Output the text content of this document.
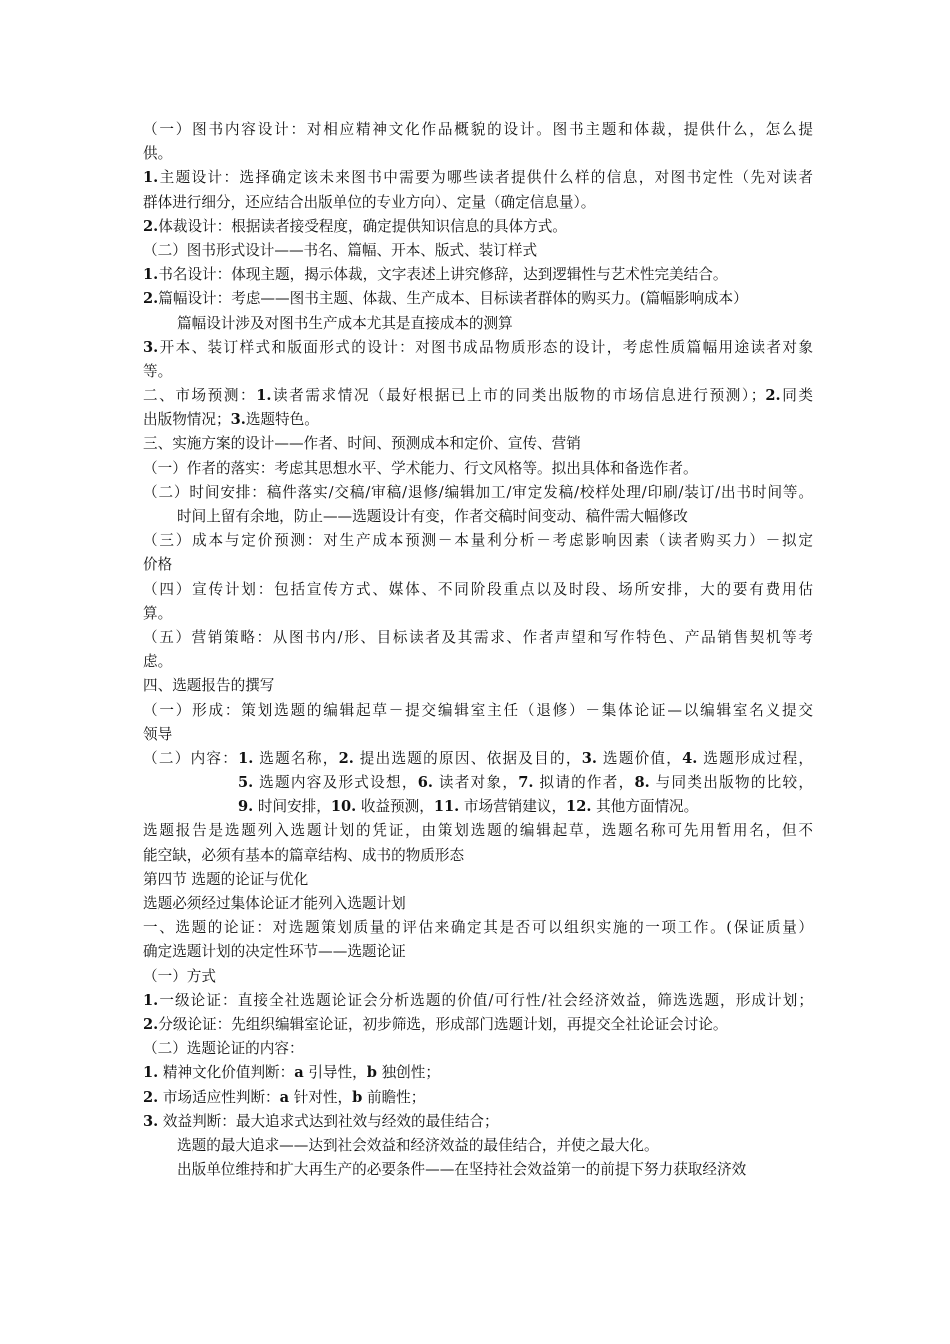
（一）图书内容设计：对相应精神文化作品概貌的设计。图书主题和体裁，提供什么，怎么提
供。
1.主题设计：选择确定该未来图书中需要为哪些读者提供什么样的信息，对图书定性（先对读者
群体进行细分，还应结合出版单位的专业方向）、定量（确定信息量）。
2.体裁设计：根据读者接受程度，确定提供知识信息的具体方式。
（二）图书形式设计——书名、篇幅、开本、版式、装订样式
1.书名设计：体现主题，揭示体裁，文字表述上讲究修辞，达到逻辑性与艺术性完美结合。
2.篇幅设计：考虑——图书主题、体裁、生产成本、目标读者群体的购买力。(篇幅影响成本）
篇幅设计涉及对图书生产成本尤其是直接成本的测算
3.开本、装订样式和版面形式的设计：对图书成品物质形态的设计，考虑性质篇幅用途读者对象
等。
二、市场预测：1.读者需求情况（最好根据已上市的同类出版物的市场信息进行预测）；2.同类
出版物情况；3.选题特色。
三、实施方案的设计——作者、时间、预测成本和定价、宣传、营销
（一）作者的落实：考虑其思想水平、学术能力、行文风格等。拟出具体和备选作者。
（二）时间安排：稿件落实/交稿/审稿/退修/编辑加工/审定发稿/校样处理/印刷/装订/出书时间等。
时间上留有余地，防止——选题设计有变，作者交稿时间变动、稿件需大幅修改
（三）成本与定价预测：对生产成本预测－本量利分析－考虑影响因素（读者购买力）－拟定
价格
（四）宣传计划：包括宣传方式、媒体、不同阶段重点以及时段、场所安排，大的要有费用估
算。
（五）营销策略：从图书内/形、目标读者及其需求、作者声望和写作特色、产品销售契机等考
虑。
四、选题报告的撰写
（一）形成：策划选题的编辑起草－提交编辑室主任（退修）－集体论证—以编辑室名义提交
领导
（二）内容：1. 选题名称，2. 提出选题的原因、依据及目的，3. 选题价值，4. 选题形成过程，
5. 选题内容及形式设想，6. 读者对象，7. 拟请的作者，8. 与同类出版物的比较，
9. 时间安排，10. 收益预测，11. 市场营销建议，12. 其他方面情况。
选题报告是选题列入选题计划的凭证，由策划选题的编辑起草，选题名称可先用暂用名，但不
能空缺，必须有基本的篇章结构、成书的物质形态
第四节 选题的论证与优化
选题必须经过集体论证才能列入选题计划
一、选题的论证：对选题策划质量的评估来确定其是否可以组织实施的一项工作。(保证质量）
确定选题计划的决定性环节——选题论证
（一）方式
1.一级论证：直接全社选题论证会分析选题的价值/可行性/社会经济效益，筛选选题，形成计划；
2.分级论证：先组织编辑室论证，初步筛选，形成部门选题计划，再提交全社论证会讨论。
（二）选题论证的内容：
1. 精神文化价值判断：a 引导性，b 独创性；
2. 市场适应性判断：a 针对性，b 前瞻性；
3. 效益判断：最大追求式达到社效与经效的最佳结合；
选题的最大追求——达到社会效益和经济效益的最佳结合，并使之最大化。
出版单位维持和扩大再生产的必要条件——在坚持社会效益第一的前提下努力获取经济效
